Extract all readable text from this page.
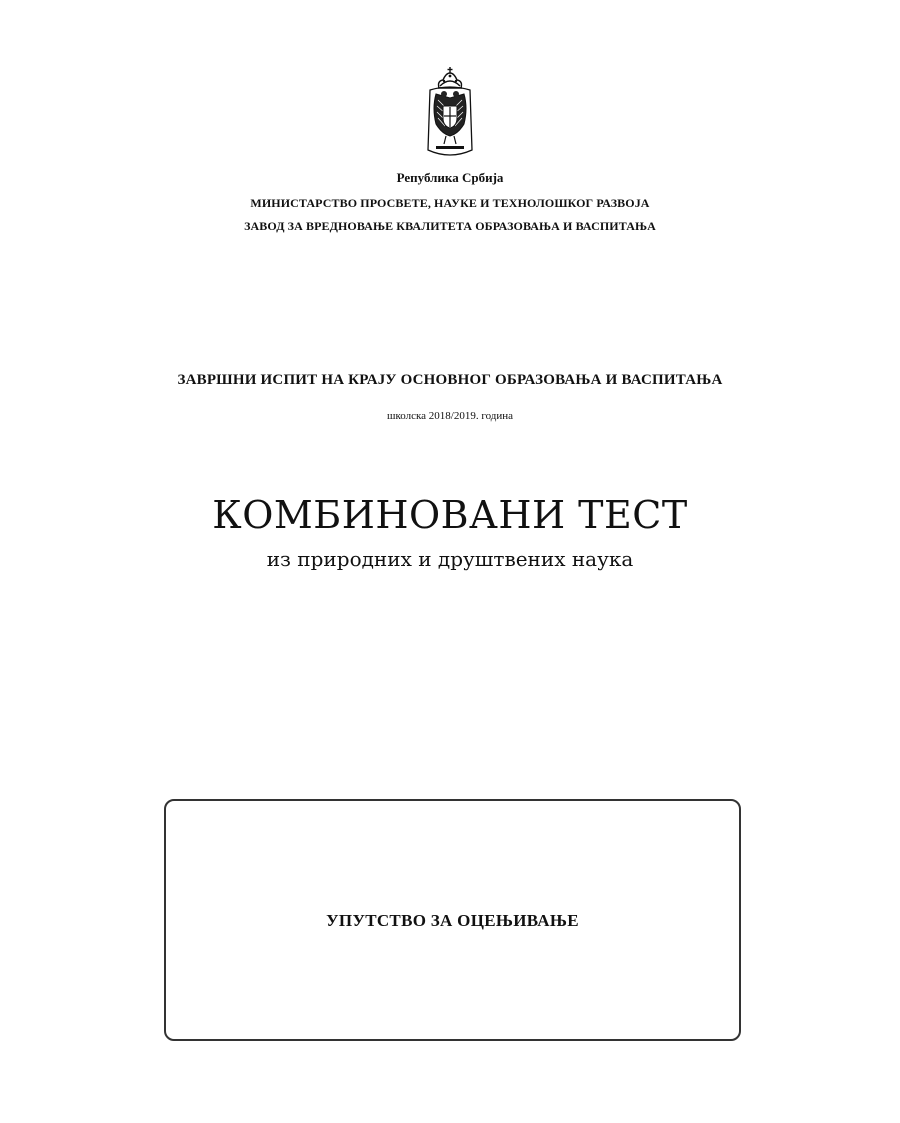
Република Србија
МИНИСТАРСТВО ПРОСВЕТЕ, НАУКЕ И ТЕХНОЛОШКОГ РАЗВОЈА
ЗАВОД ЗА ВРЕДНОВАЊЕ КВАЛИТЕТА ОБРАЗОВАЊА И ВАСПИТАЊА
ЗАВРШНИ ИСПИТ НА КРАЈУ ОСНОВНОГ ОБРАЗОВАЊА И ВАСПИТАЊА
школска 2018/2019. година
КОМБИНОВАНИ ТЕСТ
из природних и друштвених наука
УПУТСТВО ЗА ОЦЕЊИВАЊЕ
